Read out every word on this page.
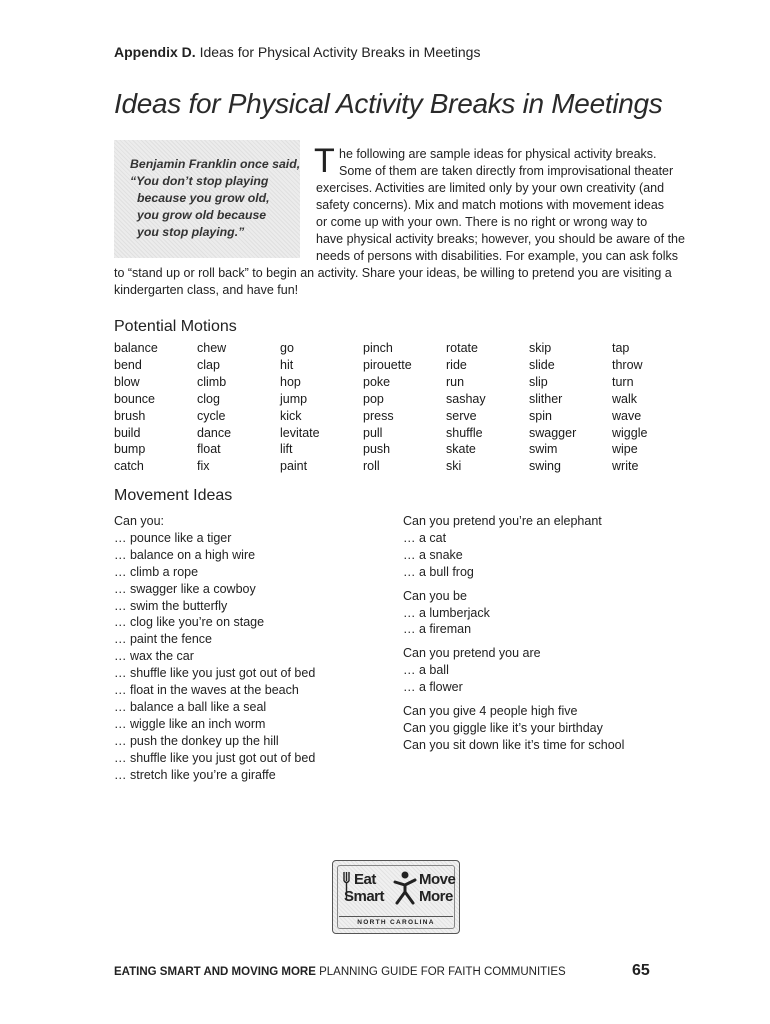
Appendix D. Ideas for Physical Activity Breaks in Meetings
Ideas for Physical Activity Breaks in Meetings
Benjamin Franklin once said,
“You don’t stop playing
because you grow old,
you grow old because
you stop playing.”
T he following are sample ideas for physical activity breaks.
Some of them are taken directly from improvisational theater
exercises. Activities are limited only by your own creativity (and
safety concerns). Mix and match motions with movement ideas
or come up with your own. There is no right or wrong way to
have physical activity breaks; however, you should be aware of the
needs of persons with disabilities. For example, you can ask folks
to “stand up or roll back” to begin an activity. Share your ideas, be willing to pretend you are visiting a
kindergarten class, and have fun!
Potential Motions
balance
bend
blow
bounce
brush
build
bump
catch
chew
clap
climb
clog
cycle
dance
float
fix
go
hit
hop
jump
kick
levitate
lift
paint
pinch
pirouette
poke
pop
press
pull
push
roll
rotate
ride
run
sashay
serve
shuffle
skate
ski
skip
slide
slip
slither
spin
swagger
swim
swing
tap
throw
turn
walk
wave
wiggle
wipe
write
Movement Ideas
Can you:
… pounce like a tiger
… balance on a high wire
… climb a rope
… swagger like a cowboy
… swim the butterfly
… clog like you’re on stage
… paint the fence
… wax the car
… shuffle like you just got out of bed
… float in the waves at the beach
… balance a ball like a seal
… wiggle like an inch worm
… push the donkey up the hill
… shuffle like you just got out of bed
… stretch like you’re a giraffe
Can you pretend you’re an elephant
… a cat
… a snake
… a bull frog
Can you be
… a lumberjack
… a fireman
Can you pretend you are
… a ball
… a flower
Can you give 4 people high five
Can you giggle like it’s your birthday
Can you sit down like it’s time for school
Eat	Move
Smart More
NORTH CAROLINA
EATING SMART AND MOVING MORE PLANNING GUIDE FOR FAITH COMMUNITIES	65
